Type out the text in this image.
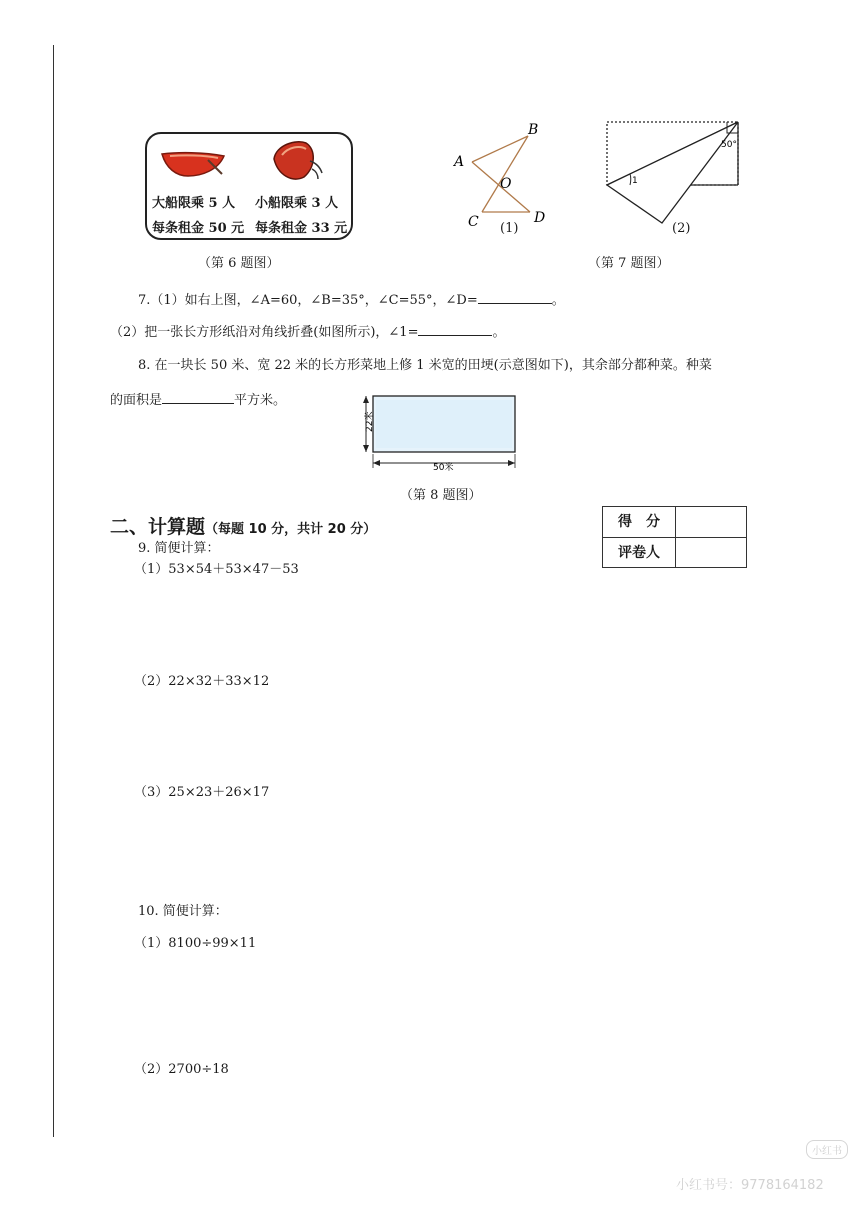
大船限乘 5 人
每条租金 50 元
小船限乘 3 人
每条租金 33 元
（第 6 题图）
A
B
O
C	D
(1)
50°
1
(2)
（第 7 题图）
7.（1）如右上图，∠A=60，∠B=35°，∠C=55°，∠D=	。
（2）把一张长方形纸沿对角线折叠(如图所示)，∠1=	。
8. 在一块长 50 米、宽 22 米的长方形菜地上修 1 米宽的田埂(示意图如下)，其余部分都种菜。种菜
的面积是	平方米。
22米
50米
（第 8 题图）
二、计算题（每题 10 分，共计 20 分）	得　分
评卷人
9. 简便计算：
（1）53×54＋53×47－53
（2）22×32＋33×12
（3）25×23＋26×17
10. 简便计算：
（1）8100÷99×11
（2）2700÷18
小红书
小红书号：9778164182
